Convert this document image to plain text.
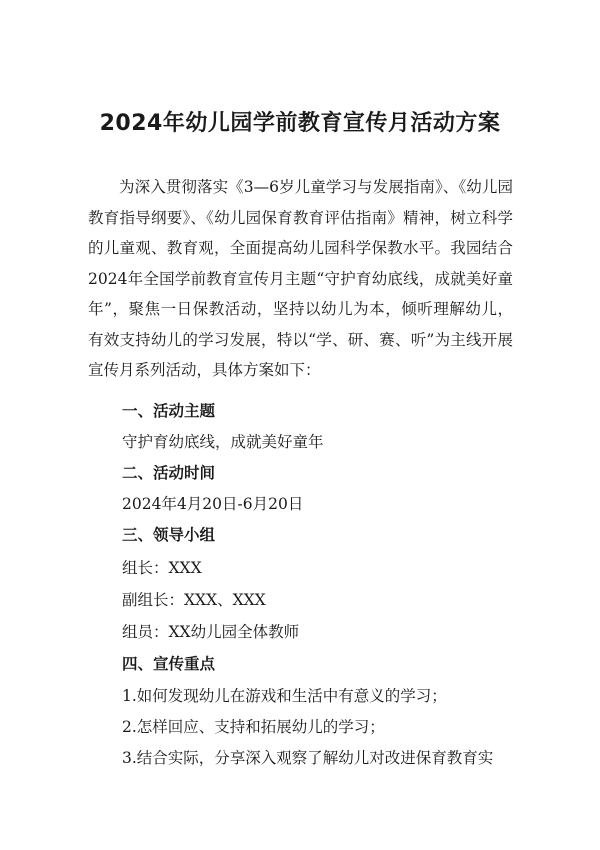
2024年幼儿园学前教育宣传月活动方案

为深入贯彻落实《3—6岁儿童学习与发展指南》、《幼儿园教育指导纲要》、《幼儿园保育教育评估指南》精神，树立科学的儿童观、教育观，全面提高幼儿园科学保教水平。我园结合2024年全国学前教育宣传月主题“守护育幼底线，成就美好童年”，聚焦一日保教活动，坚持以幼儿为本，倾听理解幼儿，有效支持幼儿的学习发展，特以“学、研、赛、听”为主线开展宣传月系列活动，具体方案如下：

一、活动主题
守护育幼底线，成就美好童年
二、活动时间
2024年4月20日-6月20日
三、领导小组
组长：XXX
副组长：XXX、XXX
组员：XX幼儿园全体教师
四、宣传重点
1.如何发现幼儿在游戏和生活中有意义的学习；
2.怎样回应、支持和拓展幼儿的学习；
3.结合实际，分享深入观察了解幼儿对改进保育教育实
